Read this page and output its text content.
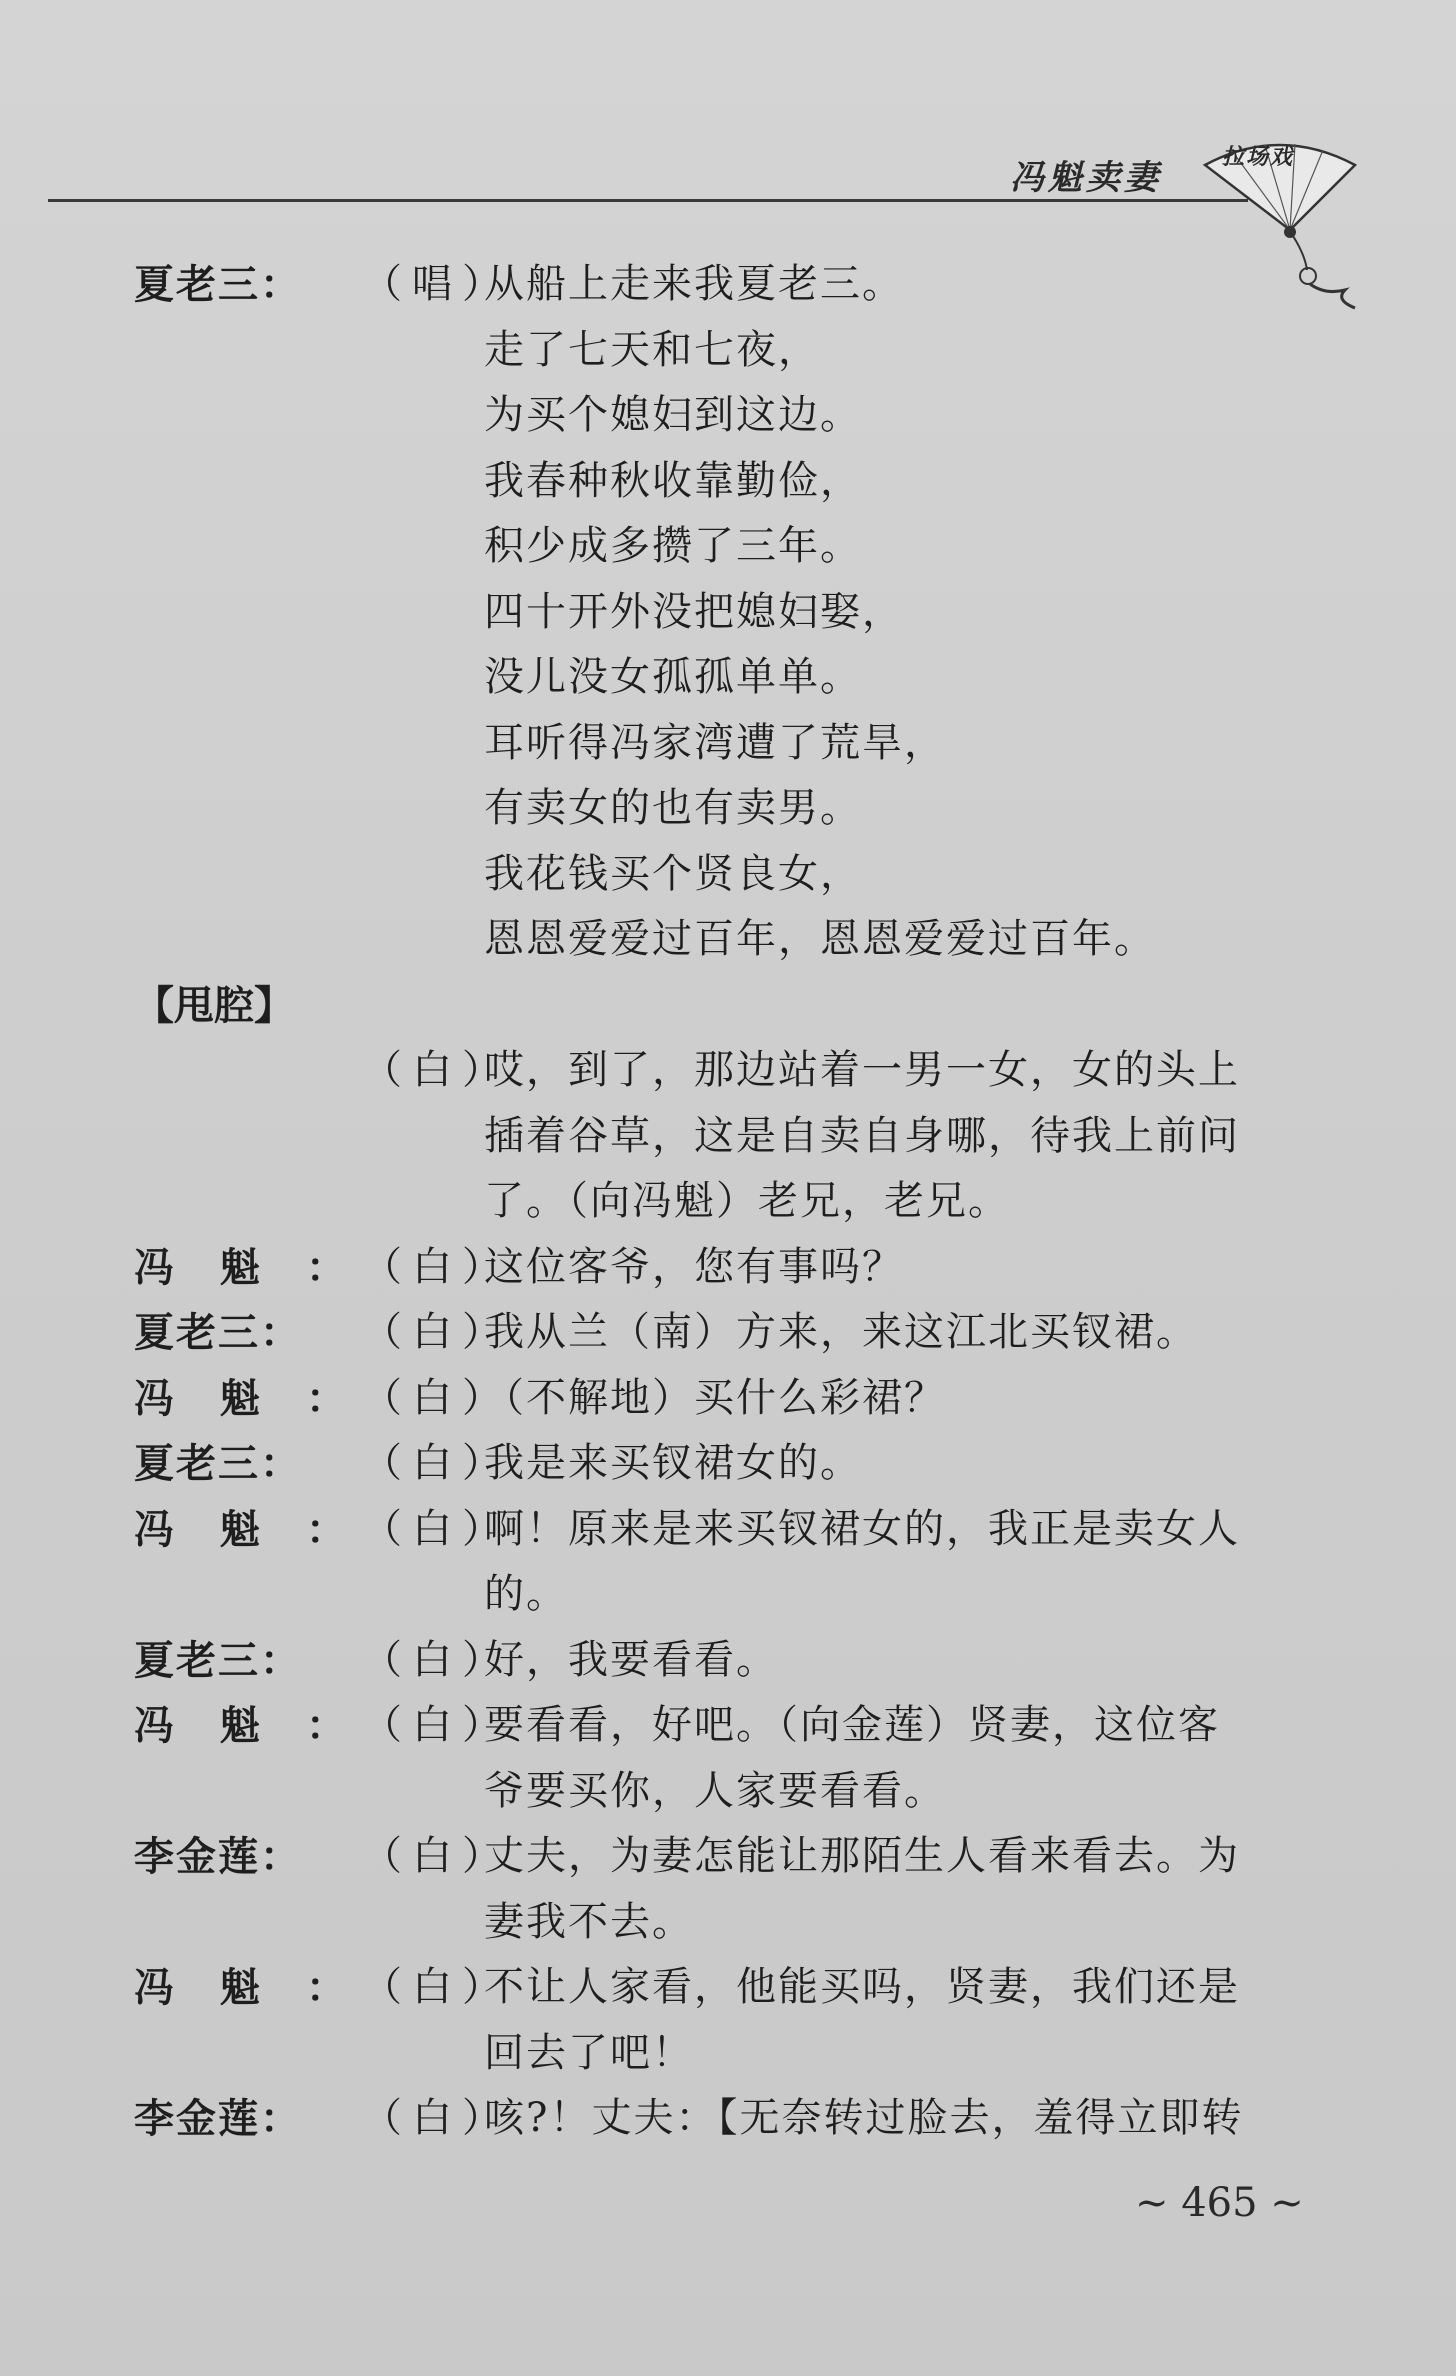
冯魁卖妻
拉场戏
夏老三： （唱）
从船上走来我夏老三。
走了七天和七夜，
为买个媳妇到这边。
我春种秋收靠勤俭，
积少成多攒了三年。
四十开外没把媳妇娶，
没儿没女孤孤单单。
耳听得冯家湾遭了荒旱，
有卖女的也有卖男。
我花钱买个贤良女，
恩恩爱爱过百年，恩恩爱爱过百年。
【甩腔】
（白）
哎，到了，那边站着一男一女，女的头上
插着谷草，这是自卖自身哪，待我上前问
了。（向冯魁）老兄，老兄。
冯魁：
（白）
这位客爷，您有事吗？
夏老三： （白）
我从兰（南）方来，来这江北买钗裙。
冯魁：
（白）
（不解地）买什么彩裙？
夏老三： （白）
我是来买钗裙女的。
冯魁：
（白）
啊！原来是来买钗裙女的，我正是卖女人
的。
夏老三： （白）
好，我要看看。
冯魁：
（白）
要看看，好吧。（向金莲）贤妻，这位客
爷要买你，人家要看看。
李金莲： （白）
丈夫，为妻怎能让那陌生人看来看去。为
妻我不去。
冯魁：
（白）
不让人家看，他能买吗，贤妻，我们还是
回去了吧！
李金莲： （白）
咳?！丈夫：【无奈转过脸去，羞得立即转
~ 465 ~
